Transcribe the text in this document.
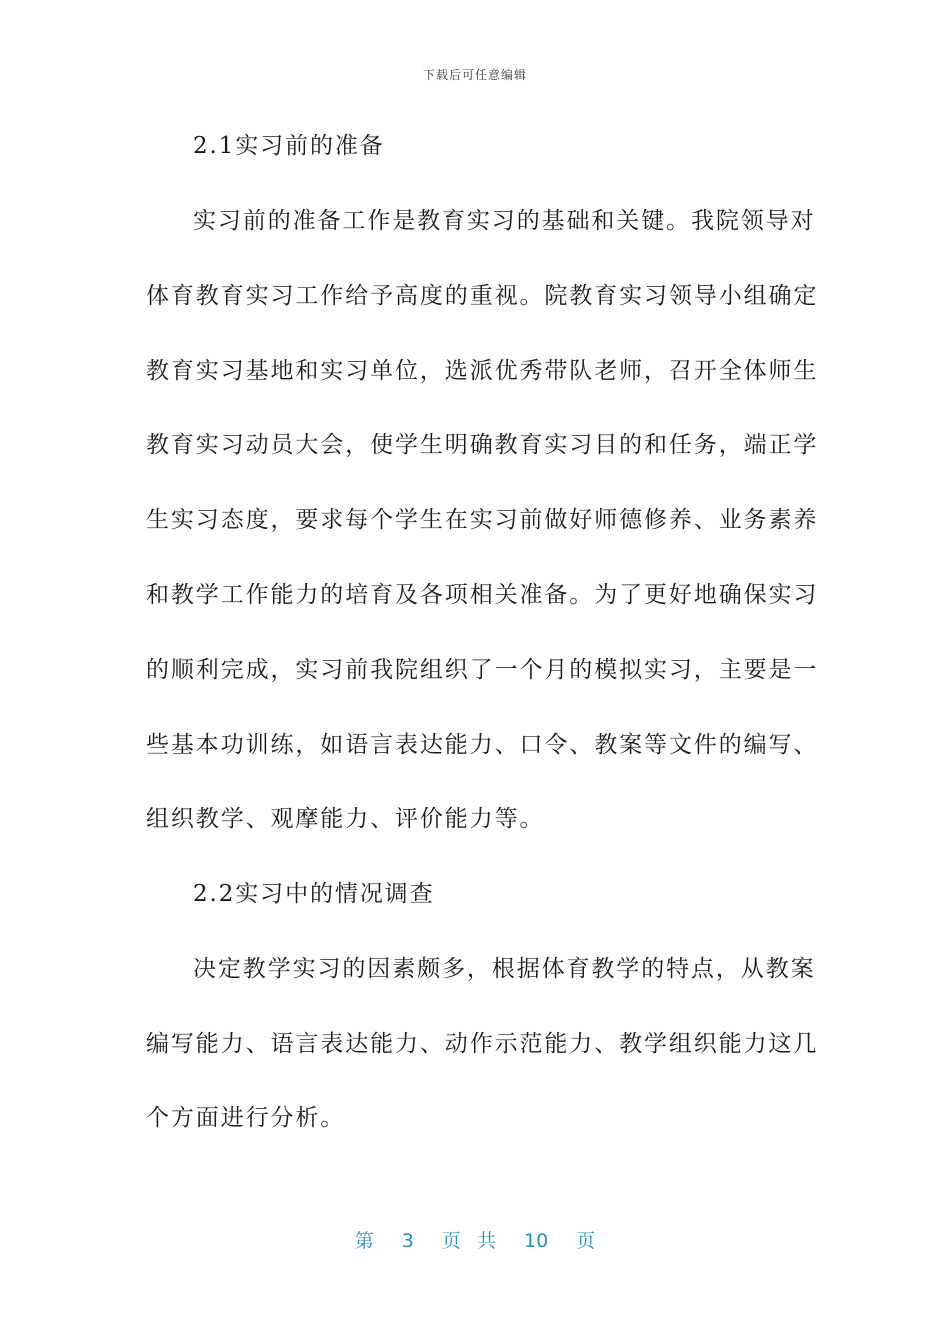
下载后可任意编辑
2.1实习前的准备
实习前的准备工作是教育实习的基础和关键。我院领导对
体育教育实习工作给予高度的重视。院教育实习领导小组确定
教育实习基地和实习单位，选派优秀带队老师，召开全体师生
教育实习动员大会，使学生明确教育实习目的和任务，端正学
生实习态度，要求每个学生在实习前做好师德修养、业务素养
和教学工作能力的培育及各项相关准备。为了更好地确保实习
的顺利完成，实习前我院组织了一个月的模拟实习，主要是一
些基本功训练，如语言表达能力、口令、教案等文件的编写、
组织教学、观摩能力、评价能力等。
2.2实习中的情况调查
决定教学实习的因素颇多，根据体育教学的特点，从教案
编写能力、语言表达能力、动作示范能力、教学组织能力这几
个方面进行分析。
第 3 页 共 10 页
